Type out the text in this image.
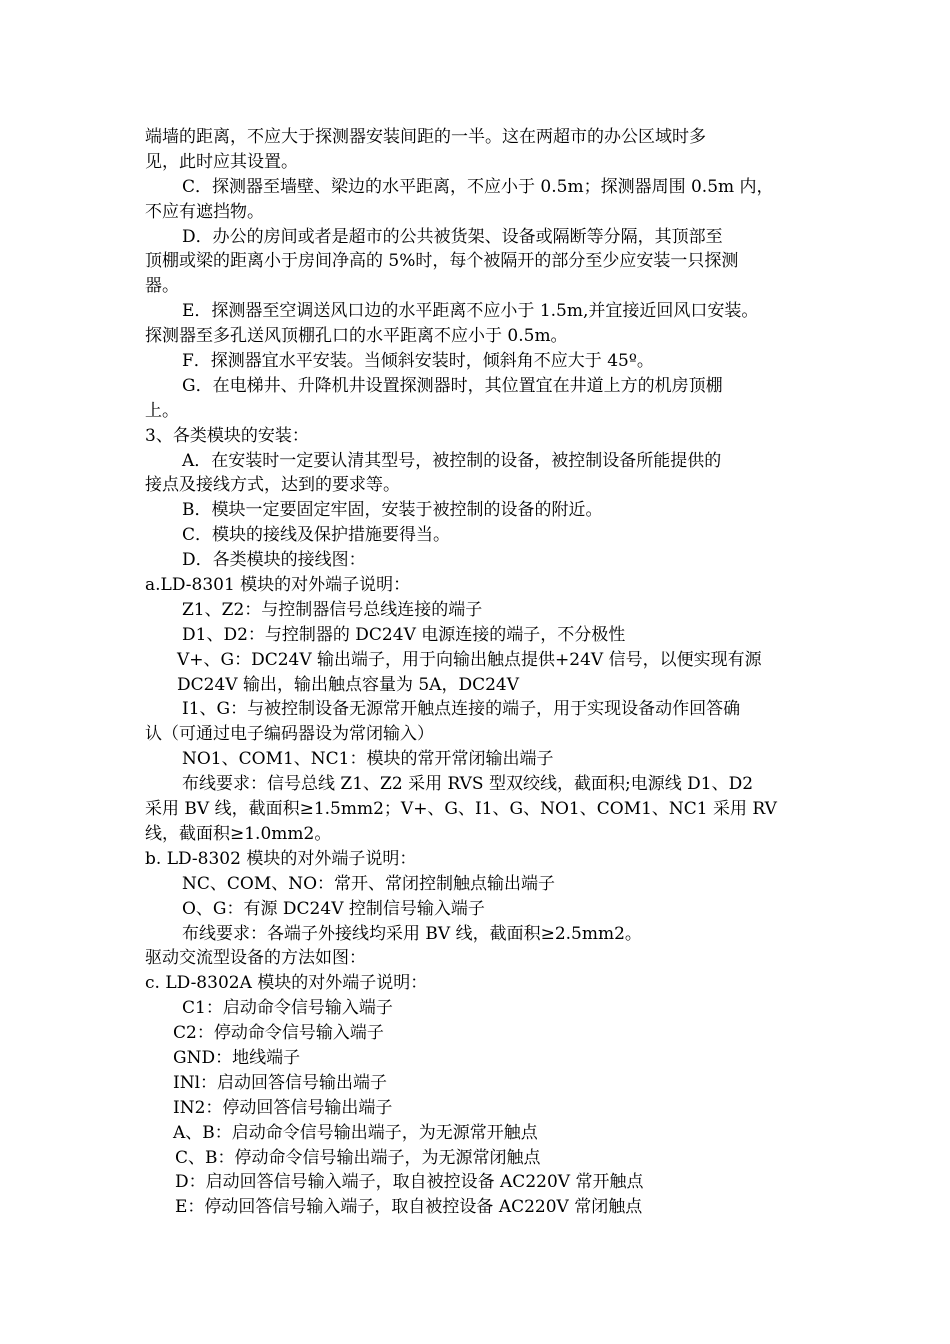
端墙的距离，不应大于探测器安装间距的一半。这在两超市的办公区域时多
见，此时应其设置。
C．探测器至墙壁、梁边的水平距离，不应小于 0.5m；探测器周围 0.5m 内，
不应有遮挡物。
D．办公的房间或者是超市的公共被货架、设备或隔断等分隔，其顶部至
顶棚或梁的距离小于房间净高的 5%时，每个被隔开的部分至少应安装一只探测
器。
E．探测器至空调送风口边的水平距离不应小于 1.5m,并宜接近回风口安装。
探测器至多孔送风顶棚孔口的水平距离不应小于 0.5m。
F．探测器宜水平安装。当倾斜安装时，倾斜角不应大于 45º。
G．在电梯井、升降机井设置探测器时，其位置宜在井道上方的机房顶棚
上。
3、各类模块的安装：
A．在安装时一定要认清其型号，被控制的设备，被控制设备所能提供的
接点及接线方式，达到的要求等。
B．模块一定要固定牢固，安装于被控制的设备的附近。
C．模块的接线及保护措施要得当。
D．各类模块的接线图：
a.LD-8301 模块的对外端子说明：
Z1、Z2：与控制器信号总线连接的端子
D1、D2：与控制器的 DC24V 电源连接的端子，不分极性
V+、G：DC24V 输出端子，用于向输出触点提供+24V 信号，以便实现有源
DC24V 输出，输出触点容量为 5A，DC24V
I1、G：与被控制设备无源常开触点连接的端子，用于实现设备动作回答确
认（可通过电子编码器设为常闭输入）
NO1、COM1、NC1：模块的常开常闭输出端子
布线要求：信号总线 Z1、Z2 采用 RVS 型双绞线，截面积;电源线 D1、D2
采用 BV 线，截面积≥1.5mm2；V+、G、I1、G、NO1、COM1、NC1 采用 RV
线，截面积≥1.0mm2。
b. LD-8302 模块的对外端子说明：
NC、COM、NO：常开、常闭控制触点输出端子
O、G：有源 DC24V 控制信号输入端子
布线要求：各端子外接线均采用 BV 线，截面积≥2.5mm2。
驱动交流型设备的方法如图：
c. LD-8302A 模块的对外端子说明：
C1：启动命令信号输入端子
C2：停动命令信号输入端子
GND：地线端子
INl：启动回答信号输出端子
IN2：停动回答信号输出端子
A、B：启动命令信号输出端子，为无源常开触点
C、B：停动命令信号输出端子，为无源常闭触点
D：启动回答信号输入端子，取自被控设备 AC220V 常开触点
E：停动回答信号输入端子，取自被控设备 AC220V 常闭触点
